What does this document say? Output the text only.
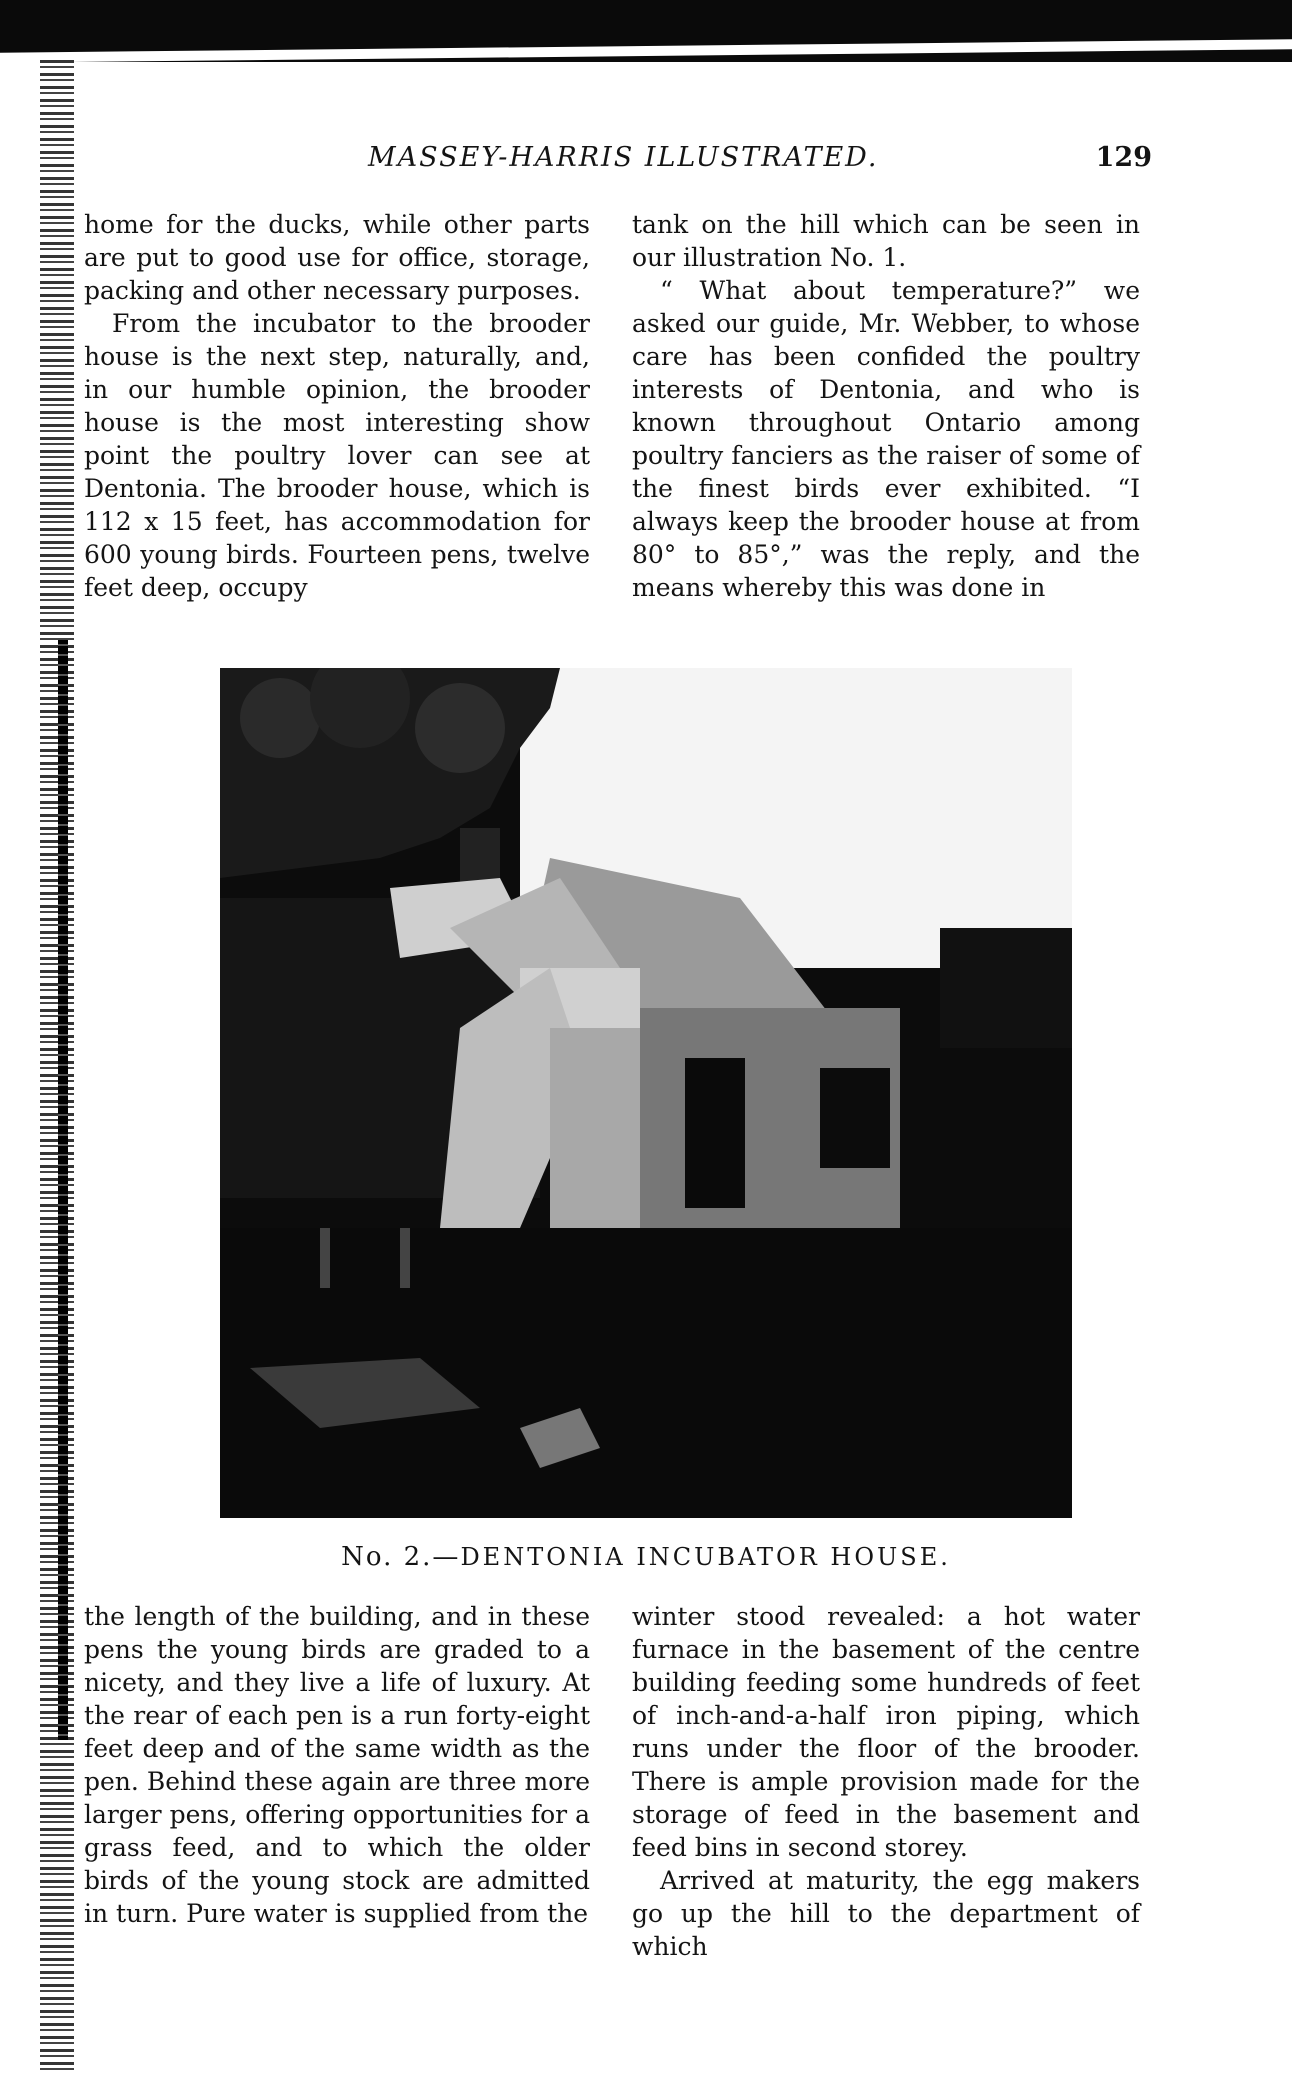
MASSEY-HARRIS ILLUSTRATED.	129

home for the ducks, while other parts are put to good use for office, storage, packing and other necessary purposes.

From the incubator to the brooder house is the next step, naturally, and, in our humble opinion, the brooder house is the most interesting show point the poultry lover can see at Dentonia. The brooder house, which is 112 x 15 feet, has accommodation for 600 young birds. Fourteen pens, twelve feet deep, occupy

tank on the hill which can be seen in our illustration No. 1.

“ What about temperature?” we asked our guide, Mr. Webber, to whose care has been confided the poultry interests of Dentonia, and who is known throughout Ontario among poultry fanciers as the raiser of some of the finest birds ever exhibited. “I always keep the brooder house at from 80° to 85°,” was the reply, and the means whereby this was done in

No. 2.—DENTONIA INCUBATOR HOUSE.

the length of the building, and in these pens the young birds are graded to a nicety, and they live a life of luxury. At the rear of each pen is a run forty-eight feet deep and of the same width as the pen. Behind these again are three more larger pens, offering opportunities for a grass feed, and to which the older birds of the young stock are admitted in turn. Pure water is supplied from the

winter stood revealed: a hot water furnace in the basement of the centre building feeding some hundreds of feet of inch-and-a-half iron piping, which runs under the floor of the brooder. There is ample provision made for the storage of feed in the basement and feed bins in second storey.

Arrived at maturity, the egg makers go up the hill to the department of which
